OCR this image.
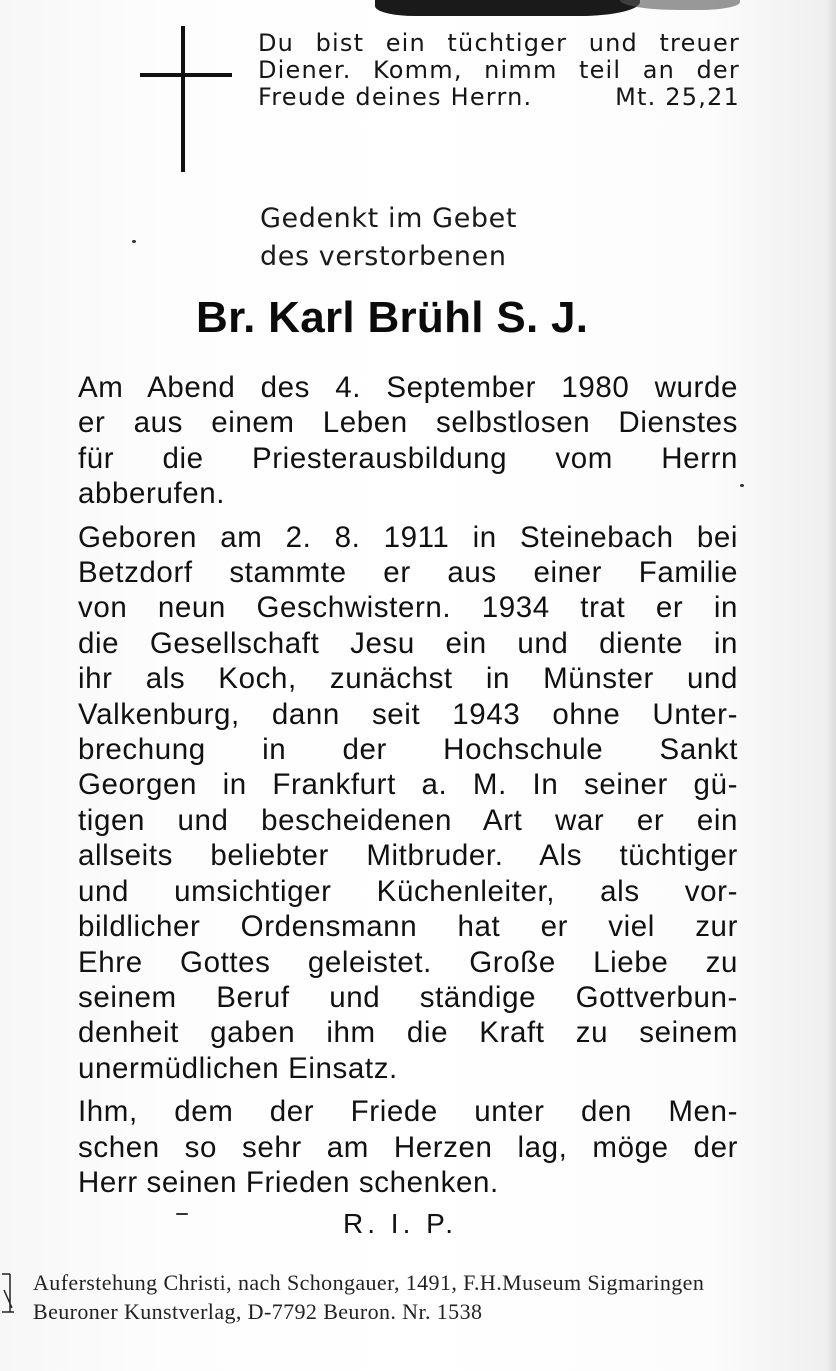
Du bist ein tüchtiger und treuer
Diener. Komm, nimm teil an der
Freude deines Herrn.	Mt. 25,21
Gedenkt im Gebet
des verstorbenen
Br. Karl Brühl S. J.
Am Abend des 4. September 1980 wurde
er aus einem Leben selbstlosen Dienstes
für die Priesterausbildung vom Herrn
abberufen.
Geboren am 2. 8. 1911 in Steinebach bei
Betzdorf stammte er aus einer Familie
von neun Geschwistern. 1934 trat er in
die Gesellschaft Jesu ein und diente in
ihr als Koch, zunächst in Münster und
Valkenburg, dann seit 1943 ohne Unter-
brechung in der Hochschule Sankt
Georgen in Frankfurt a. M. In seiner gü-
tigen und bescheidenen Art war er ein
allseits beliebter Mitbruder. Als tüchtiger
und umsichtiger Küchenleiter, als vor-
bildlicher Ordensmann hat er viel zur
Ehre Gottes geleistet. Große Liebe zu
seinem Beruf und ständige Gottverbun-
denheit gaben ihm die Kraft zu seinem
unermüdlichen Einsatz.
Ihm, dem der Friede unter den Men-
schen so sehr am Herzen lag, möge der
Herr seinen Frieden schenken.
R. I. P.
Auferstehung Christi, nach Schongauer, 1491, F.H.Museum Sigmaringen
Beuroner Kunstverlag, D-7792 Beuron. Nr. 1538
